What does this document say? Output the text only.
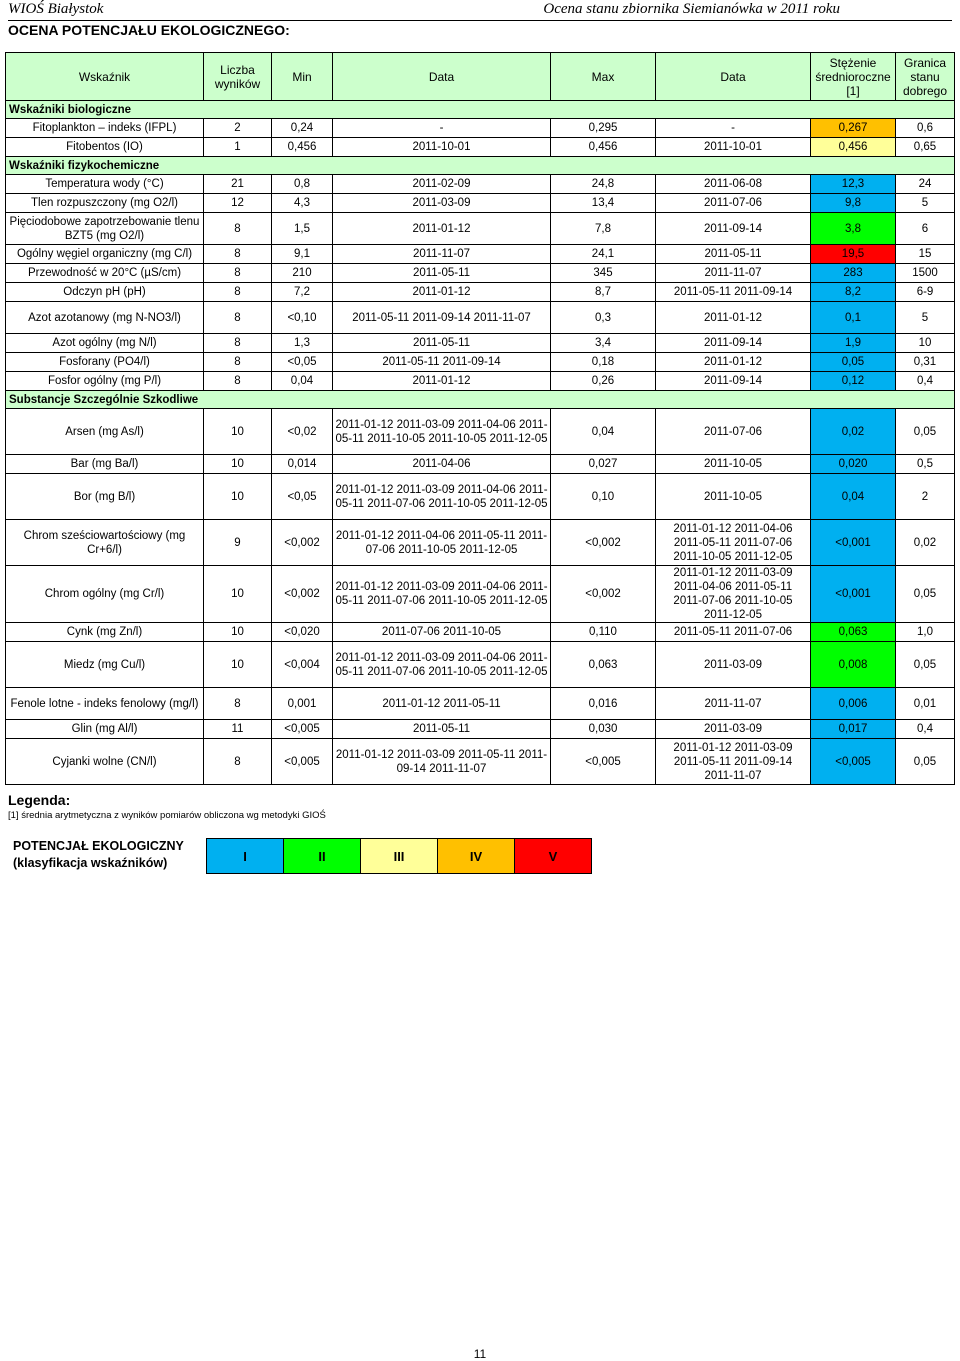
WIOŚ Białystok	Ocena stanu zbiornika Siemianówka w 2011 roku
OCENA POTENCJAŁU EKOLOGICZNEGO:
Wskaźnik	Liczba wyników	Min	Data	Max	Data	Stężenie średnioroczne [1]	Granica stanu dobrego
Wskaźniki biologiczne							
Fitoplankton – indeks (IFPL)	2	0,24	-	0,295	-	0,267	0,6
Fitobentos (IO)	1	0,456	2011-10-01	0,456	2011-10-01	0,456	0,65
Wskaźniki fizykochemiczne							
Temperatura wody (°C)	21	0,8	2011-02-09	24,8	2011-06-08	12,3	24
Tlen rozpuszczony (mg O2/l)	12	4,3	2011-03-09	13,4	2011-07-06	9,8	5
Pięciodobowe zapotrzebowanie tlenu BZT5 (mg O2/l)	8	1,5	2011-01-12	7,8	2011-09-14	3,8	6
Ogólny węgiel organiczny (mg C/l)	8	9,1	2011-11-07	24,1	2011-05-11	19,5	15
Przewodność w 20°C (µS/cm)	8	210	2011-05-11	345	2011-11-07	283	1500
Odczyn pH (pH)	8	7,2	2011-01-12	8,7	2011-05-11 2011-09-14	8,2	6-9
Azot azotanowy (mg N-NO3/l)	8	<0,10	2011-05-11 2011-09-14 2011-11-07	0,3	2011-01-12	0,1	5
Azot ogólny (mg N/l)	8	1,3	2011-05-11	3,4	2011-09-14	1,9	10
Fosforany (PO4/l)	8	<0,05	2011-05-11 2011-09-14	0,18	2011-01-12	0,05	0,31
Fosfor ogólny (mg P/l)	8	0,04	2011-01-12	0,26	2011-09-14	0,12	0,4
Substancje Szczególnie Szkodliwe							
Arsen (mg As/l)	10	<0,02	2011-01-12 2011-03-09 2011-04-06 2011-05-11 2011-10-05 2011-10-05 2011-12-05	0,04	2011-07-06	0,02	0,05
Bar (mg Ba/l)	10	0,014	2011-04-06	0,027	2011-10-05	0,020	0,5
Bor (mg B/l)	10	<0,05	2011-01-12 2011-03-09 2011-04-06 2011-05-11 2011-07-06 2011-10-05 2011-12-05	0,10	2011-10-05	0,04	2
Chrom sześciowartościowy (mg Cr+6/l)	9	<0,002	2011-01-12 2011-04-06 2011-05-11 2011-07-06 2011-10-05 2011-12-05	<0,002	2011-01-12 2011-04-06 2011-05-11 2011-07-06 2011-10-05 2011-12-05	<0,001	0,02
Chrom ogólny (mg Cr/l)	10	<0,002	2011-01-12 2011-03-09 2011-04-06 2011-05-11 2011-07-06 2011-10-05 2011-12-05	<0,002	2011-01-12 2011-03-09 2011-04-06 2011-05-11 2011-07-06 2011-10-05 2011-12-05	<0,001	0,05
Cynk (mg Zn/l)	10	<0,020	2011-07-06 2011-10-05	0,110	2011-05-11 2011-07-06	0,063	1,0
Miedz (mg Cu/l)	10	<0,004	2011-01-12 2011-03-09 2011-04-06 2011-05-11 2011-07-06 2011-10-05 2011-12-05	0,063	2011-03-09	0,008	0,05
Fenole lotne - indeks fenolowy (mg/l)	8	0,001	2011-01-12 2011-05-11	0,016	2011-11-07	0,006	0,01
Glin (mg Al/l)	11	<0,005	2011-05-11	0,030	2011-03-09	0,017	0,4
Cyjanki wolne (CN/l)	8	<0,005	2011-01-12 2011-03-09 2011-05-11 2011-09-14 2011-11-07	<0,005	2011-01-12 2011-03-09 2011-05-11 2011-09-14 2011-11-07	<0,005	0,05
Legenda:
[1] średnia arytmetyczna z wyników pomiarów obliczona wg metodyki GIOŚ
POTENCJAŁ EKOLOGICZNY
(klasyfikacja wskaźników)	I	II	III	IV	V
11
